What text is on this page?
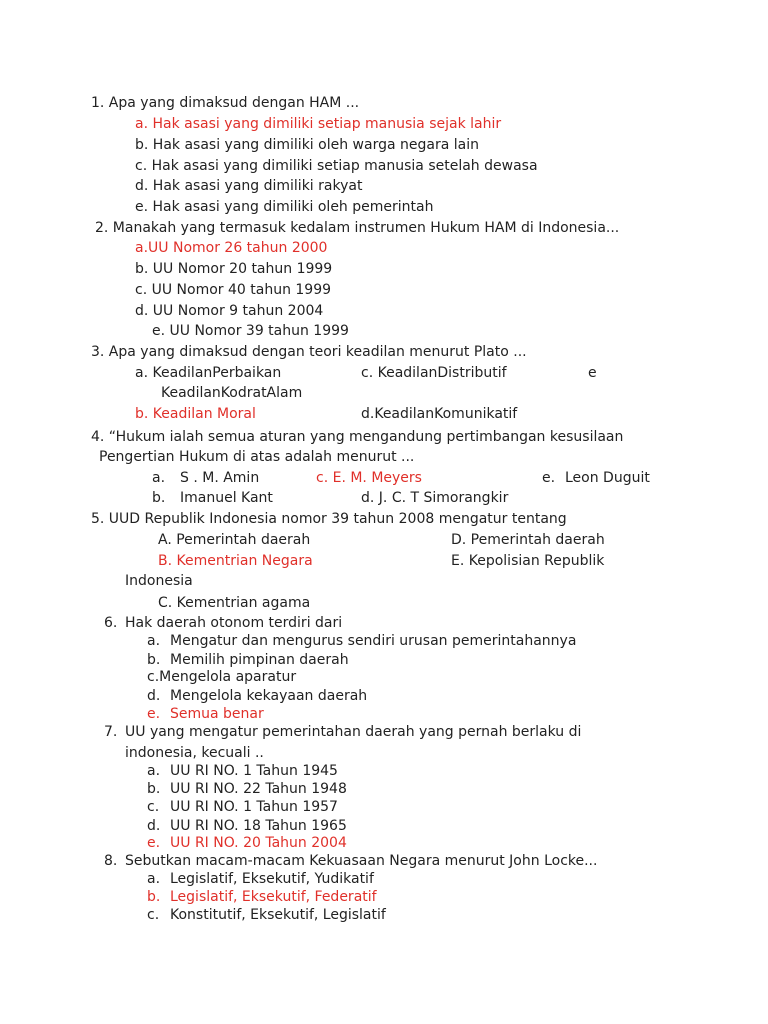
1. Apa yang dimaksud dengan HAM ...
a. Hak asasi yang dimiliki setiap manusia sejak lahir
b. Hak asasi yang dimiliki oleh warga negara lain
c. Hak asasi yang dimiliki setiap manusia setelah dewasa
d. Hak asasi yang dimiliki rakyat
e. Hak asasi yang dimiliki oleh pemerintah
2. Manakah yang termasuk kedalam instrumen Hukum HAM di Indonesia...
a.UU Nomor 26 tahun 2000
b. UU Nomor 20 tahun 1999
c. UU Nomor 40 tahun 1999
d. UU Nomor 9 tahun 2004
e. UU Nomor 39 tahun 1999
3. Apa yang dimaksud dengan teori keadilan menurut Plato ...
a. KeadilanPerbaikan	c. KeadilanDistributif	e
KeadilanKodratAlam
b. Keadilan Moral	d.KeadilanKomunikatif
4. “Hukum ialah semua aturan yang mengandung pertimbangan kesusilaan
Pengertian Hukum di atas adalah menurut ...
a. S . M. Amin	c. E. M. Meyers	e. Leon Duguit
b. Imanuel Kant	d. J. C. T Simorangkir
5. UUD Republik Indonesia nomor 39 tahun 2008 mengatur tentang
A. Pemerintah daerah	D. Pemerintah daerah
B. Kementrian Negara	E. Kepolisian Republik
Indonesia
C. Kementrian agama
6. Hak daerah otonom terdiri dari
a. Mengatur dan mengurus sendiri urusan pemerintahannya
b. Memilih pimpinan daerah
c.Mengelola aparatur
d. Mengelola kekayaan daerah
e. Semua benar
7. UU yang mengatur pemerintahan daerah yang pernah berlaku di
indonesia, kecuali ..
a. UU RI NO. 1 Tahun 1945
b. UU RI NO. 22 Tahun 1948
c. UU RI NO. 1 Tahun 1957
d. UU RI NO. 18 Tahun 1965
e. UU RI NO. 20 Tahun 2004
8. Sebutkan macam-macam Kekuasaan Negara menurut John Locke...
a. Legislatif, Eksekutif, Yudikatif
b. Legislatif, Eksekutif, Federatif
c. Konstitutif, Eksekutif, Legislatif
